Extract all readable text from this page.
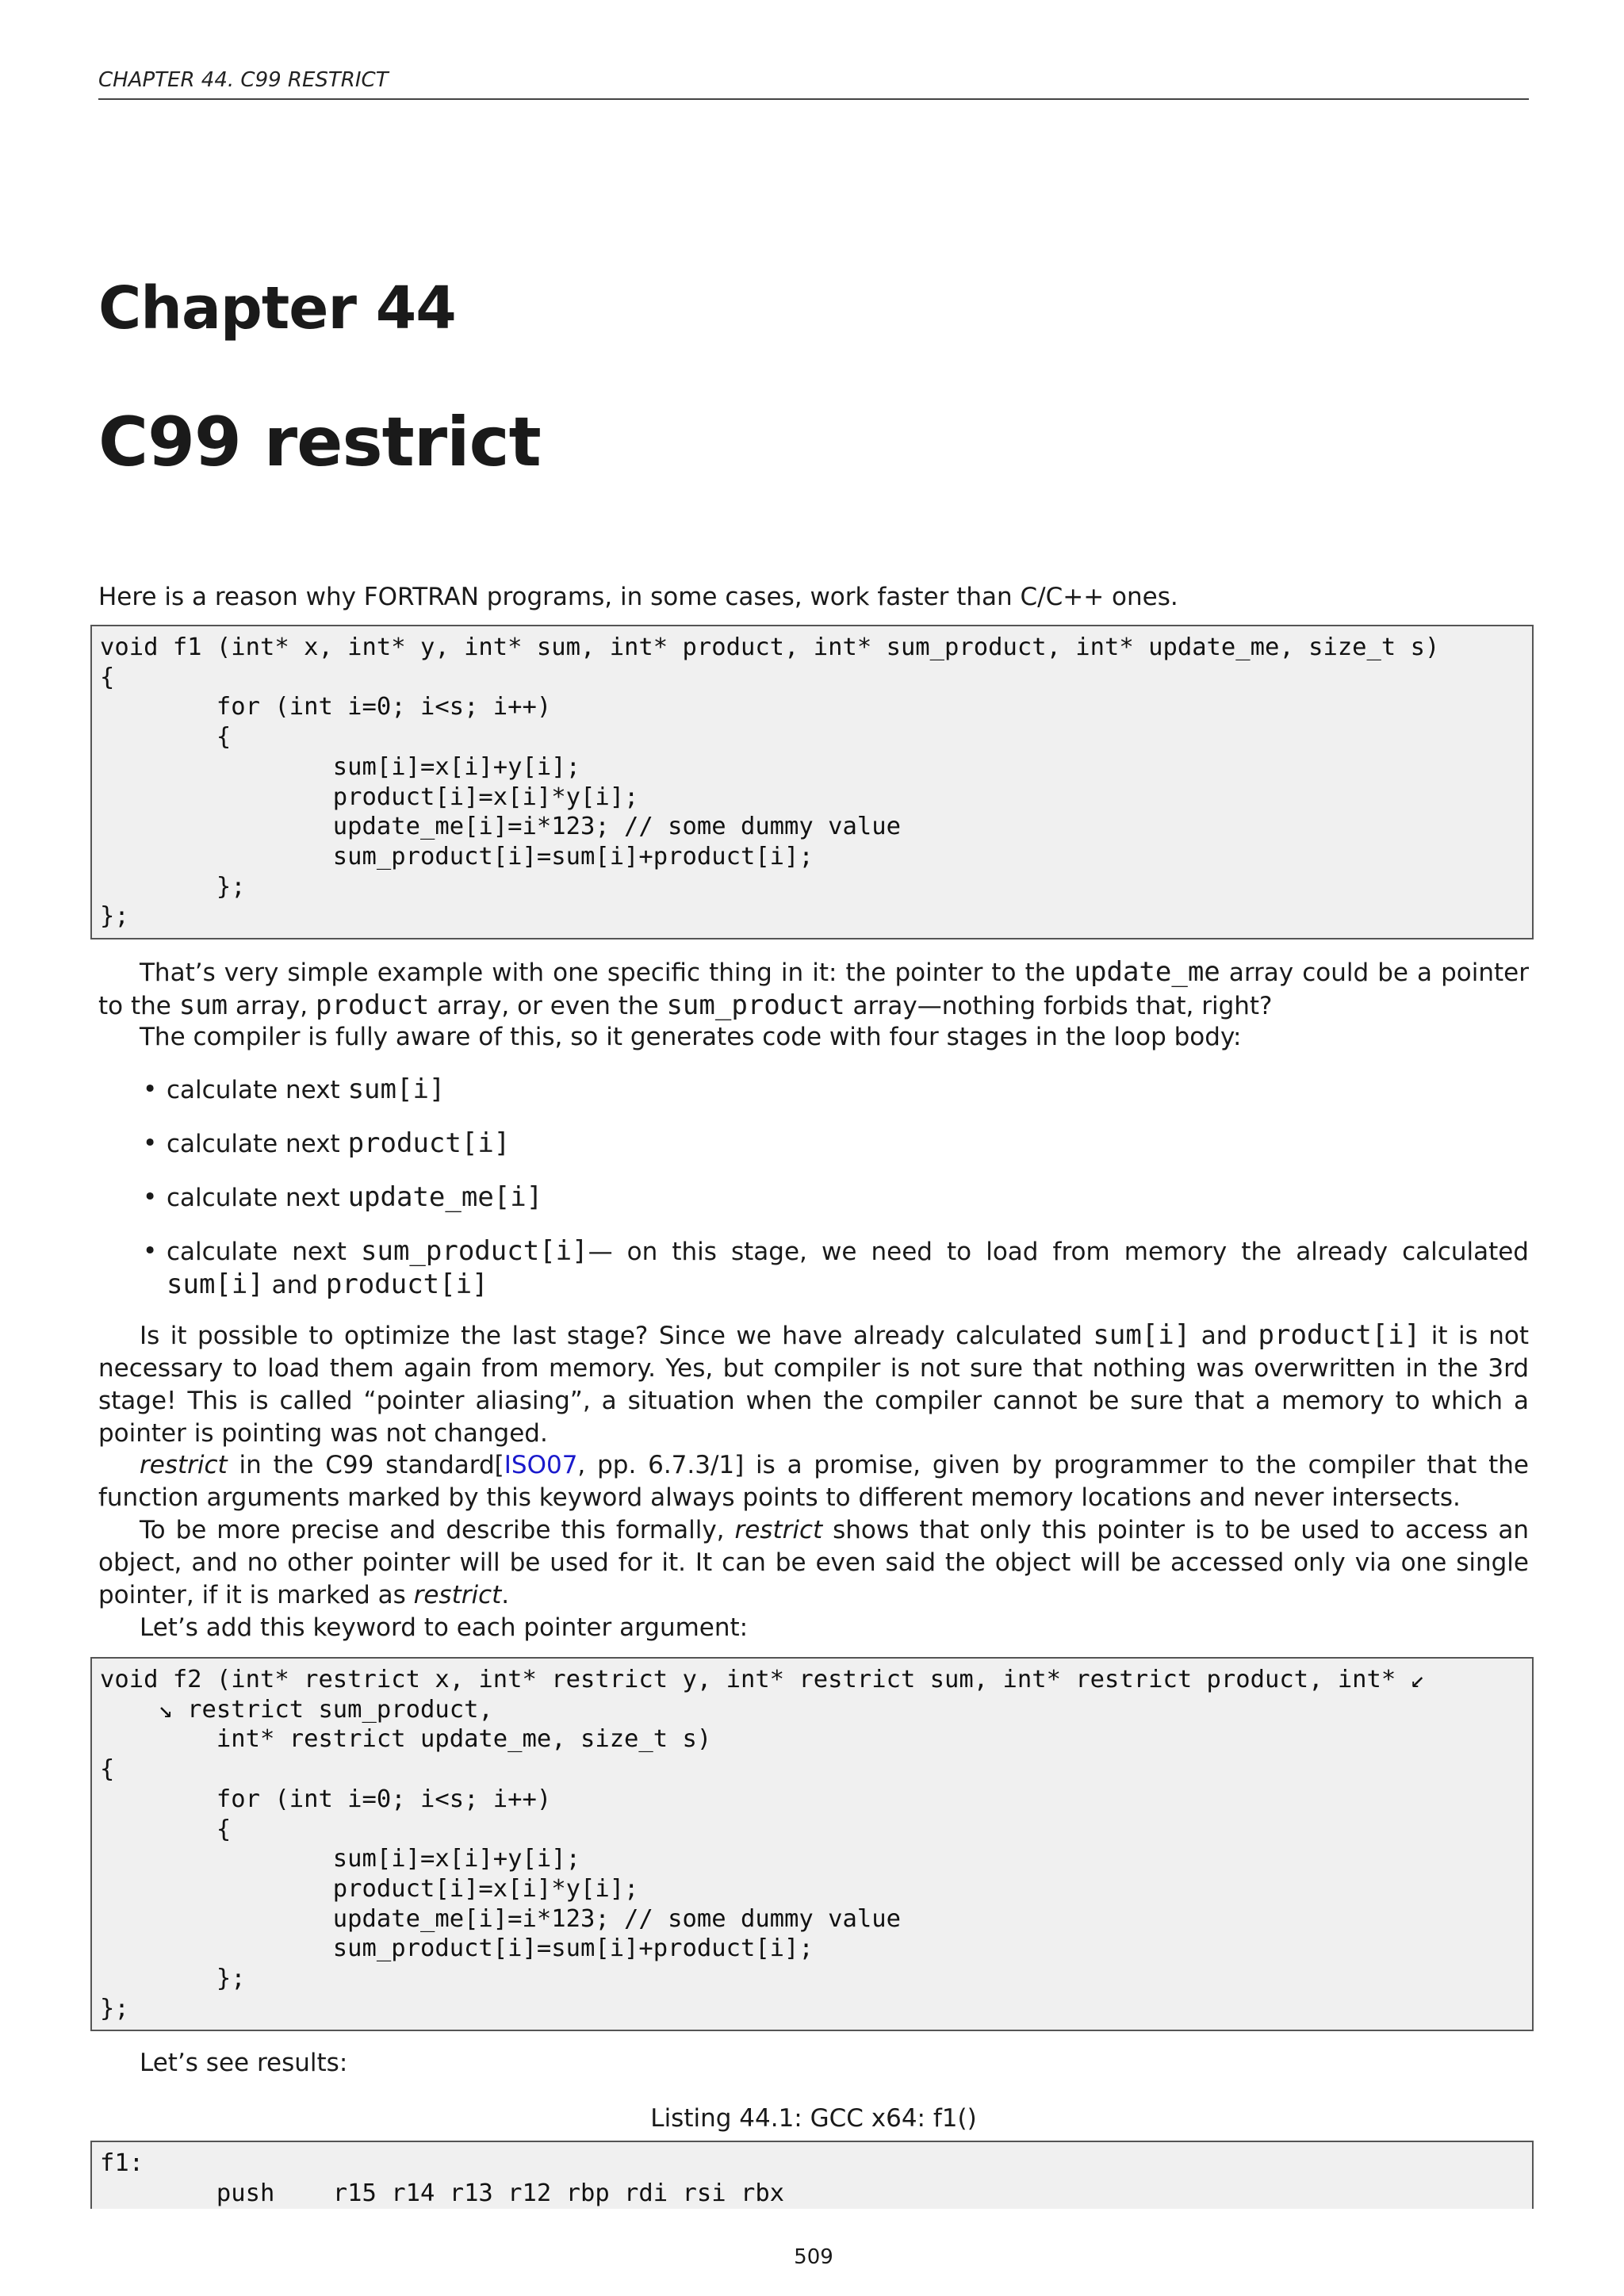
CHAPTER 44. C99 RESTRICT
Chapter 44
C99 restrict
Here is a reason why FORTRAN programs, in some cases, work faster than C/C++ ones.
void f1 (int* x, int* y, int* sum, int* product, int* sum_product, int* update_me, size_t s)
{
for (int i=0; i<s; i++)
{
sum[i]=x[i]+y[i];
product[i]=x[i]*y[i];
update_me[i]=i*123; // some dummy value
sum_product[i]=sum[i]+product[i];
};
};
That’s very simple example with one specific thing in it: the pointer to the update_me array could be a pointer to the sum array, product array, or even the sum_product array—nothing forbids that, right?
The compiler is fully aware of this, so it generates code with four stages in the loop body:
• calculate next sum[i]
• calculate next product[i]
• calculate next update_me[i]
• calculate next sum_product[i]— on this stage, we need to load from memory the already calculated sum[i] and product[i]
Is it possible to optimize the last stage? Since we have already calculated sum[i] and product[i] it is not necessary to load them again from memory. Yes, but compiler is not sure that nothing was overwritten in the 3rd stage! This is called “pointer aliasing”, a situation when the compiler cannot be sure that a memory to which a pointer is pointing was not changed.
restrict in the C99 standard[ISO07, pp. 6.7.3/1] is a promise, given by programmer to the compiler that the function arguments marked by this keyword always points to different memory locations and never intersects.
To be more precise and describe this formally, restrict shows that only this pointer is to be used to access an object, and no other pointer will be used for it. It can be even said the object will be accessed only via one single pointer, if it is marked as restrict.
Let’s add this keyword to each pointer argument:
void f2 (int* restrict x, int* restrict y, int* restrict sum, int* restrict product, int* ↙
↘ restrict sum_product,
int* restrict update_me, size_t s)
{
for (int i=0; i<s; i++)
{
sum[i]=x[i]+y[i];
product[i]=x[i]*y[i];
update_me[i]=i*123; // some dummy value
sum_product[i]=sum[i]+product[i];
};
};
Let’s see results:
Listing 44.1: GCC x64: f1()
f1:
push    r15 r14 r13 r12 rbp rdi rsi rbx
509
